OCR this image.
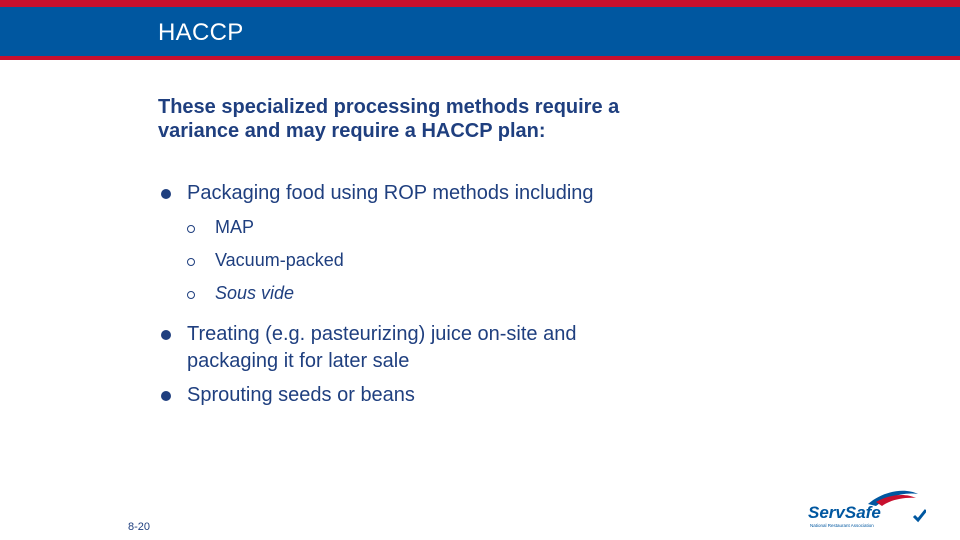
HACCP

These specialized processing methods require a variance and may require a HACCP plan:

Packaging food using ROP methods including
MAP
Vacuum-packed
Sous vide
Treating (e.g. pasteurizing) juice on-site and packaging it for later sale
Sprouting seeds or beans
8-20
ServSafe
National Restaurant Association
